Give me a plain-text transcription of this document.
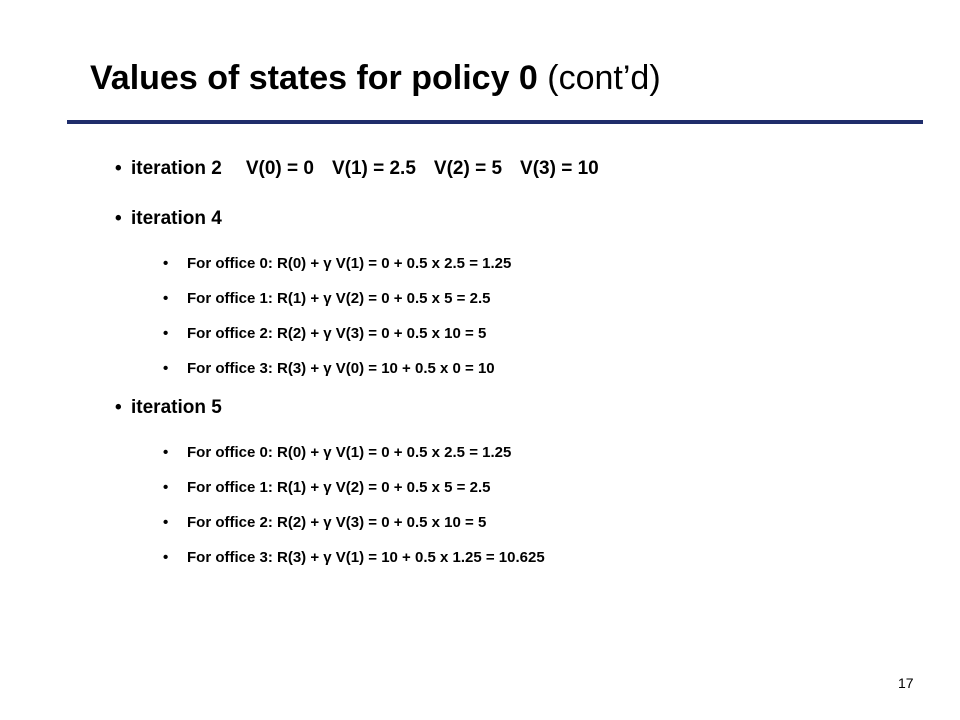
Values of states for policy 0 (cont’d)
• iteration 2 V(0) = 0 V(1) = 2.5 V(2) = 5 V(3) = 10
• iteration 4
• For office 0: R(0) + γ V(1) = 0 + 0.5 x 2.5 = 1.25
• For office 1: R(1) + γ V(2) = 0 + 0.5 x 5 = 2.5
• For office 2: R(2) + γ V(3) = 0 + 0.5 x 10 = 5
• For office 3: R(3) + γ V(0) = 10 + 0.5 x 0 = 10
• iteration 5
• For office 0: R(0) + γ V(1) = 0 + 0.5 x 2.5 = 1.25
• For office 1: R(1) + γ V(2) = 0 + 0.5 x 5 = 2.5
• For office 2: R(2) + γ V(3) = 0 + 0.5 x 10 = 5
• For office 3: R(3) + γ V(1) = 10 + 0.5 x 1.25 = 10.625
17
